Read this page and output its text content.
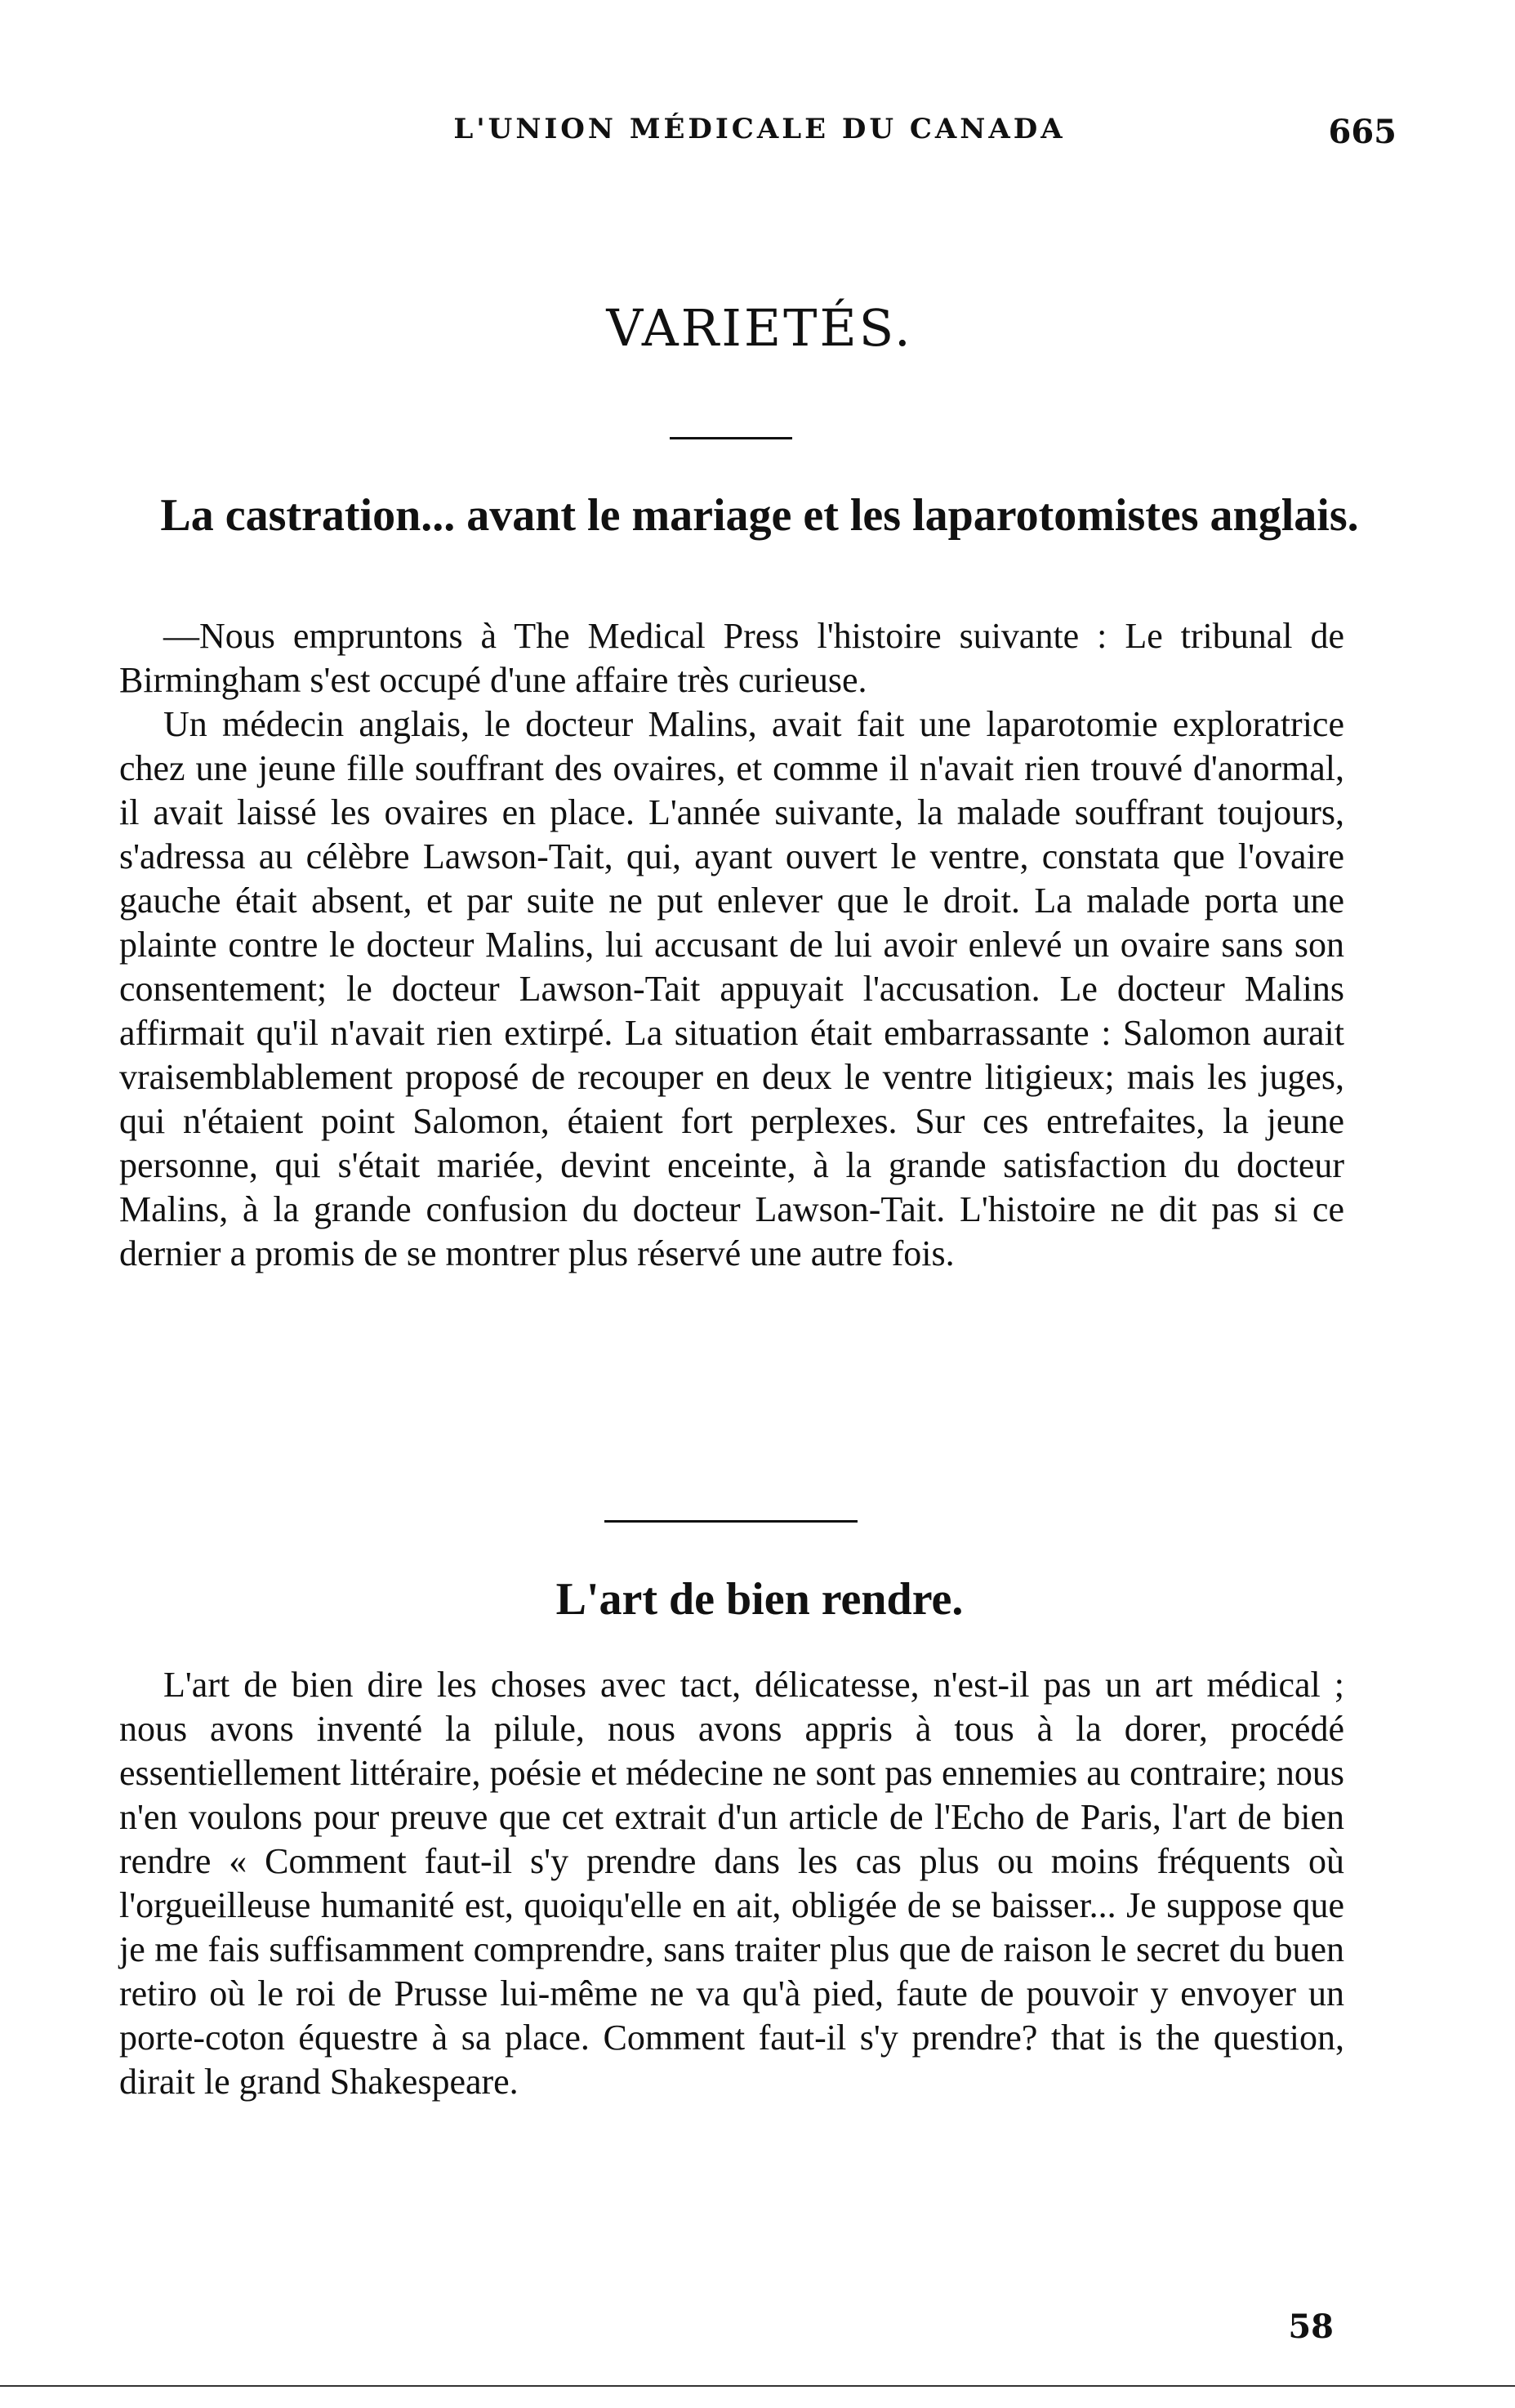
L'UNION MÉDICALE DU CANADA	665
VARIETÉS.
La castration... avant le mariage et les laparotomistes anglais.

—Nous empruntons à The Medical Press l'histoire suivante : Le tribunal de Birmingham s'est occupé d'une affaire très curieuse.

Un médecin anglais, le docteur Malins, avait fait une laparotomie exploratrice chez une jeune fille souffrant des ovaires, et comme il n'avait rien trouvé d'anormal, il avait laissé les ovaires en place. L'année suivante, la malade souffrant toujours, s'adressa au célèbre Lawson-Tait, qui, ayant ouvert le ventre, constata que l'ovaire gauche était absent, et par suite ne put enlever que le droit. La malade porta une plainte contre le docteur Malins, lui accusant de lui avoir enlevé un ovaire sans son consentement; le docteur Lawson-Tait appuyait l'accusation. Le docteur Malins affirmait qu'il n'avait rien extirpé. La situation était embarrassante : Salomon aurait vraisemblablement proposé de recouper en deux le ventre litigieux; mais les juges, qui n'étaient point Salomon, étaient fort perplexes. Sur ces entrefaites, la jeune personne, qui s'était mariée, devint enceinte, à la grande satisfaction du docteur Malins, à la grande confusion du docteur Lawson-Tait. L'histoire ne dit pas si ce dernier a promis de se montrer plus réservé une autre fois.

L'art de bien rendre.

L'art de bien dire les choses avec tact, délicatesse, n'est-il pas un art médical ; nous avons inventé la pilule, nous avons appris à tous à la dorer, procédé essentiellement littéraire, poésie et médecine ne sont pas ennemies au contraire; nous n'en voulons pour preuve que cet extrait d'un article de l'Echo de Paris, l'art de bien rendre « Comment faut-il s'y prendre dans les cas plus ou moins fréquents où l'orgueilleuse humanité est, quoiqu'elle en ait, obligée de se baisser... Je suppose que je me fais suffisamment comprendre, sans traiter plus que de raison le secret du buen retiro où le roi de Prusse lui-même ne va qu'à pied, faute de pouvoir y envoyer un porte-coton équestre à sa place. Comment faut-il s'y prendre? that is the question, dirait le grand Shakespeare.

58
